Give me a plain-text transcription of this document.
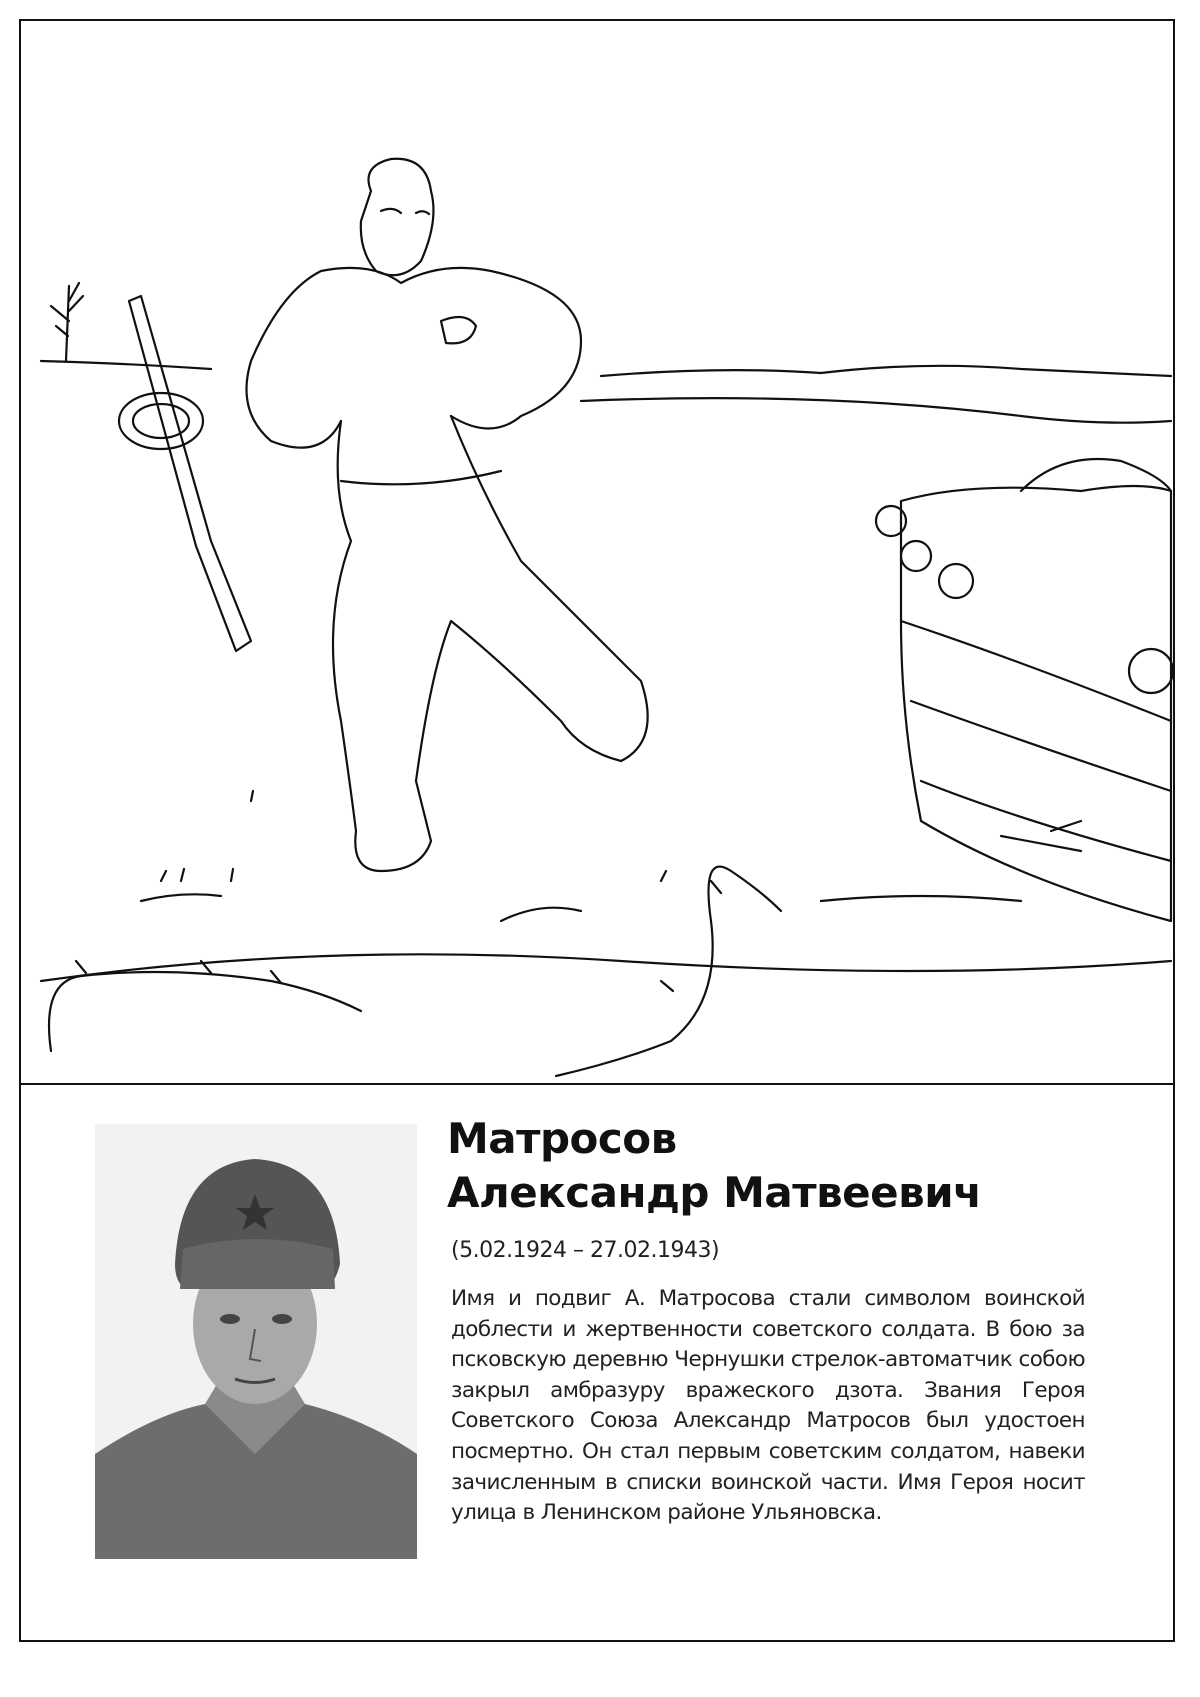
Матросов
Александр Матвеевич
(5.02.1924 – 27.02.1943)

Имя и подвиг А. Матросова стали символом воинской доблести и жертвенности советского солдата. В бою за псковскую деревню Чернушки стрелок-автоматчик собою закрыл амбразуру вражеского дзота. Звания Героя Советского Союза Александр Матросов был удостоен посмертно. Он стал первым советским солдатом, навеки зачисленным в списки воинской части. Имя Героя носит улица в Ленинском районе Ульяновска.
